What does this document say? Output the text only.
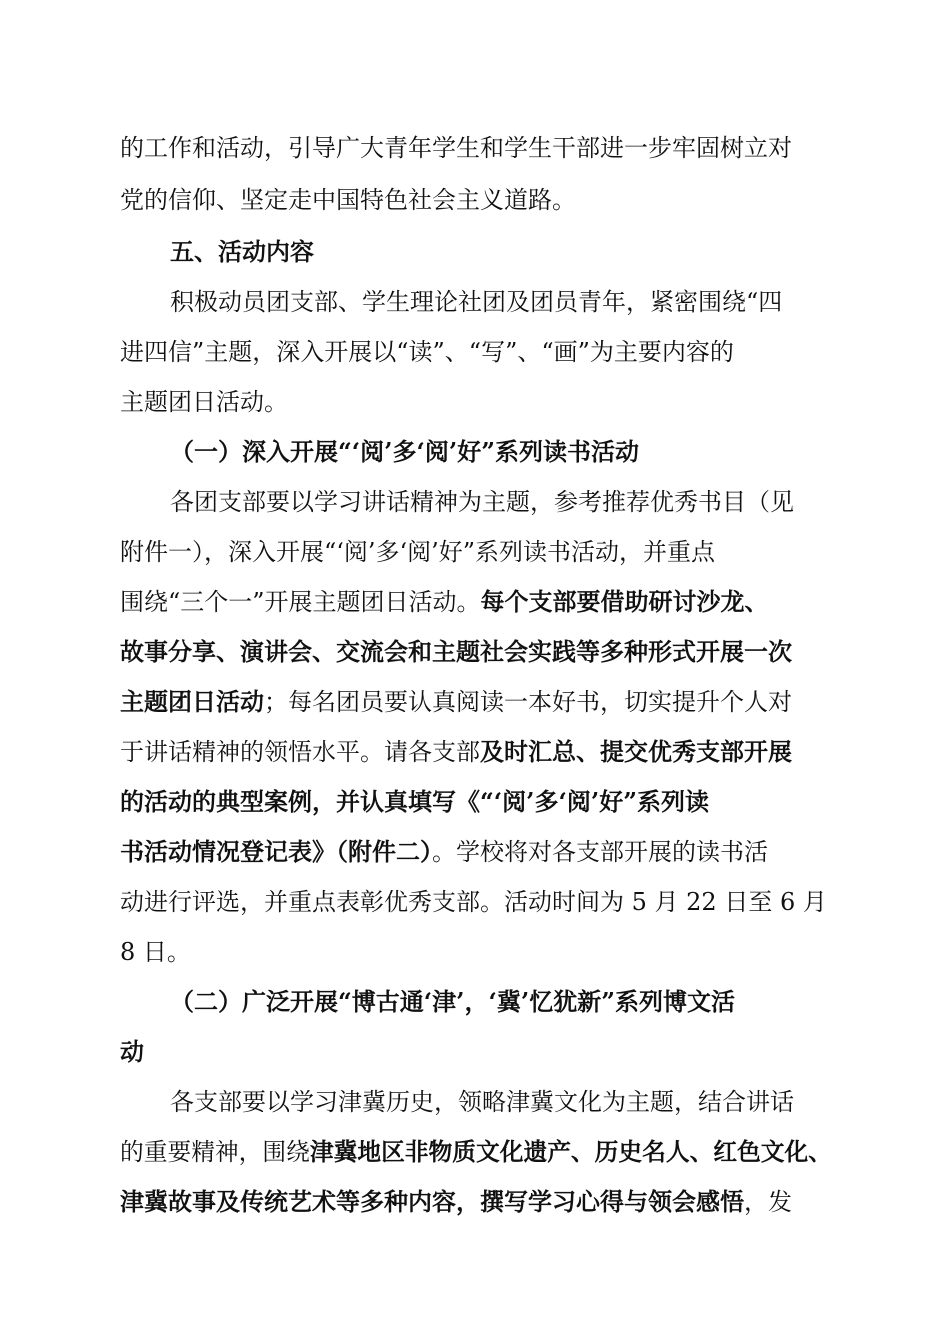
的工作和活动，引导广大青年学生和学生干部进一步牢固树立对
党的信仰、坚定走中国特色社会主义道路。
五、活动内容
积极动员团支部、学生理论社团及团员青年，紧密围绕“四
进四信”主题，深入开展以“读”、“写”、“画”为主要内容的
主题团日活动。
（一）深入开展“‘阅’多‘阅’好”系列读书活动
各团支部要以学习讲话精神为主题，参考推荐优秀书目（见
附件一），深入开展“‘阅’多‘阅’好”系列读书活动，并重点
围绕“三个一”开展主题团日活动。每个支部要借助研讨沙龙、
故事分享、演讲会、交流会和主题社会实践等多种形式开展一次
主题团日活动；每名团员要认真阅读一本好书，切实提升个人对
于讲话精神的领悟水平。请各支部及时汇总、提交优秀支部开展
的活动的典型案例，并认真填写《“‘阅’多‘阅’好”系列读
书活动情况登记表》（附件二）。学校将对各支部开展的读书活
动进行评选，并重点表彰优秀支部。活动时间为 5 月 22 日至 6 月
8 日。
（二）广泛开展“博古通‘津’，‘冀’忆犹新”系列博文活
动
各支部要以学习津冀历史，领略津冀文化为主题，结合讲话
的重要精神，围绕津冀地区非物质文化遗产、历史名人、红色文化、
津冀故事及传统艺术等多种内容，撰写学习心得与领会感悟，发
